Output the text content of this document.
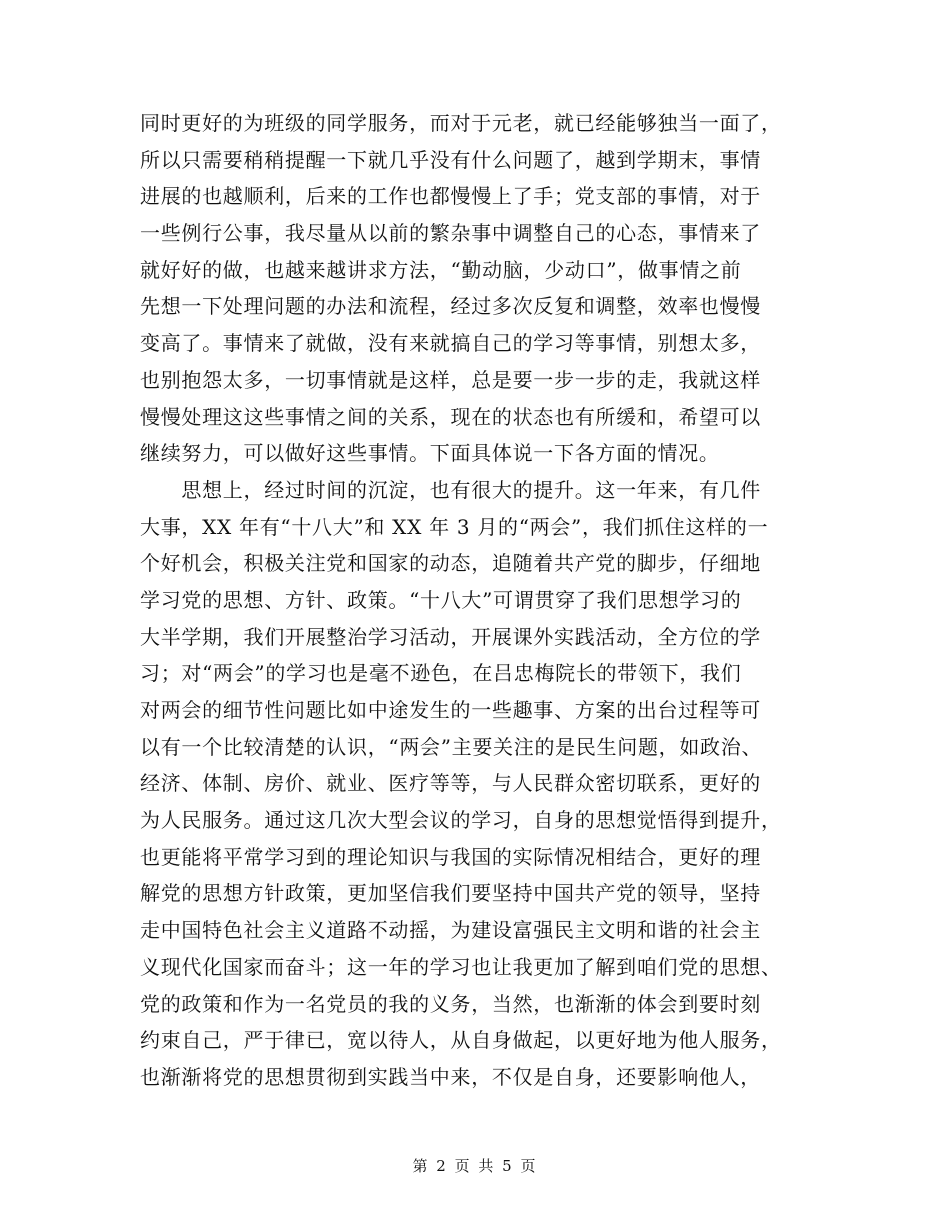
同时更好的为班级的同学服务，而对于元老，就已经能够独当一面了，
所以只需要稍稍提醒一下就几乎没有什么问题了，越到学期末，事情
进展的也越顺利，后来的工作也都慢慢上了手；党支部的事情，对于
一些例行公事，我尽量从以前的繁杂事中调整自己的心态，事情来了
就好好的做，也越来越讲求方法，“勤动脑，少动口”，做事情之前
先想一下处理问题的办法和流程，经过多次反复和调整，效率也慢慢
变高了。事情来了就做，没有来就搞自己的学习等事情，别想太多，
也别抱怨太多，一切事情就是这样，总是要一步一步的走，我就这样
慢慢处理这这些事情之间的关系，现在的状态也有所缓和，希望可以
继续努力，可以做好这些事情。下面具体说一下各方面的情况。
　　思想上，经过时间的沉淀，也有很大的提升。这一年来，有几件
大事，XX 年有“十八大”和 XX 年 3 月的“两会”，我们抓住这样的一
个好机会，积极关注党和国家的动态，追随着共产党的脚步，仔细地
学习党的思想、方针、政策。“十八大”可谓贯穿了我们思想学习的
大半学期，我们开展整治学习活动，开展课外实践活动，全方位的学
习；对“两会”的学习也是毫不逊色，在吕忠梅院长的带领下，我们
对两会的细节性问题比如中途发生的一些趣事、方案的出台过程等可
以有一个比较清楚的认识，“两会”主要关注的是民生问题，如政治、
经济、体制、房价、就业、医疗等等，与人民群众密切联系，更好的
为人民服务。通过这几次大型会议的学习，自身的思想觉悟得到提升，
也更能将平常学习到的理论知识与我国的实际情况相结合，更好的理
解党的思想方针政策，更加坚信我们要坚持中国共产党的领导，坚持
走中国特色社会主义道路不动摇，为建设富强民主文明和谐的社会主
义现代化国家而奋斗；这一年的学习也让我更加了解到咱们党的思想、
党的政策和作为一名党员的我的义务，当然，也渐渐的体会到要时刻
约束自己，严于律已，宽以待人，从自身做起，以更好地为他人服务，
也渐渐将党的思想贯彻到实践当中来，不仅是自身，还要影响他人，
第 2 页 共 5 页
